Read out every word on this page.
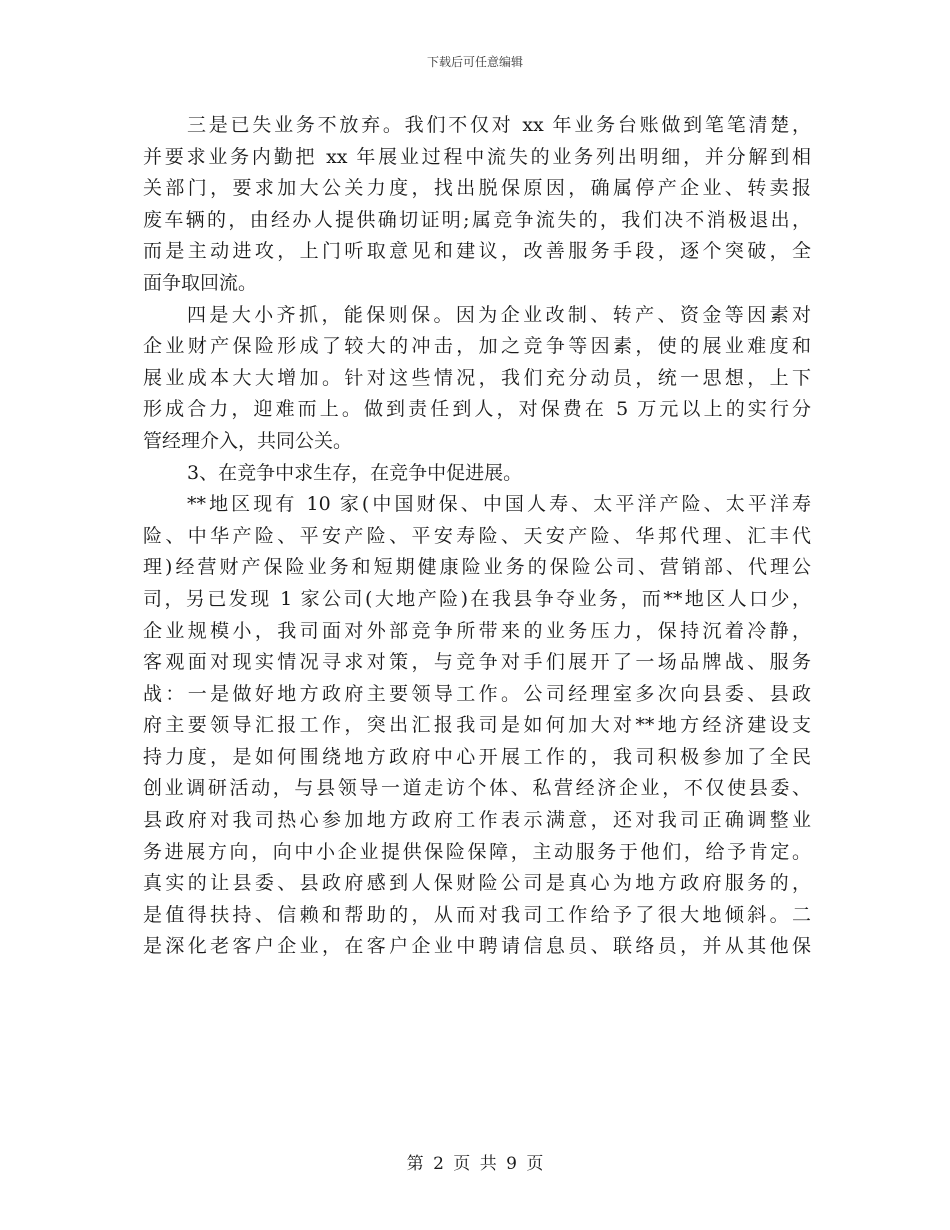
下载后可任意编辑
三是已失业务不放弃。我们不仅对 xx 年业务台账做到笔笔清楚，
并要求业务内勤把 xx 年展业过程中流失的业务列出明细，并分解到相
关部门，要求加大公关力度，找出脱保原因，确属停产企业、转卖报
废车辆的，由经办人提供确切证明;属竞争流失的，我们决不消极退出，
而是主动进攻，上门听取意见和建议，改善服务手段，逐个突破，全
面争取回流。
四是大小齐抓，能保则保。因为企业改制、转产、资金等因素对
企业财产保险形成了较大的冲击，加之竞争等因素，使的展业难度和
展业成本大大增加。针对这些情况，我们充分动员，统一思想，上下
形成合力，迎难而上。做到责任到人，对保费在 5 万元以上的实行分
管经理介入，共同公关。
3、在竞争中求生存，在竞争中促进展。
**地区现有 10 家(中国财保、中国人寿、太平洋产险、太平洋寿
险、中华产险、平安产险、平安寿险、天安产险、华邦代理、汇丰代
理)经营财产保险业务和短期健康险业务的保险公司、营销部、代理公
司，另已发现 1 家公司(大地产险)在我县争夺业务，而**地区人口少，
企业规模小，我司面对外部竞争所带来的业务压力，保持沉着冷静，
客观面对现实情况寻求对策，与竞争对手们展开了一场品牌战、服务
战：一是做好地方政府主要领导工作。公司经理室多次向县委、县政
府主要领导汇报工作，突出汇报我司是如何加大对**地方经济建设支
持力度，是如何围绕地方政府中心开展工作的，我司积极参加了全民
创业调研活动，与县领导一道走访个体、私营经济企业，不仅使县委、
县政府对我司热心参加地方政府工作表示满意，还对我司正确调整业
务进展方向，向中小企业提供保险保障，主动服务于他们，给予肯定。
真实的让县委、县政府感到人保财险公司是真心为地方政府服务的，
是值得扶持、信赖和帮助的，从而对我司工作给予了很大地倾斜。二
是深化老客户企业，在客户企业中聘请信息员、联络员，并从其他保
第 2 页 共 9 页
